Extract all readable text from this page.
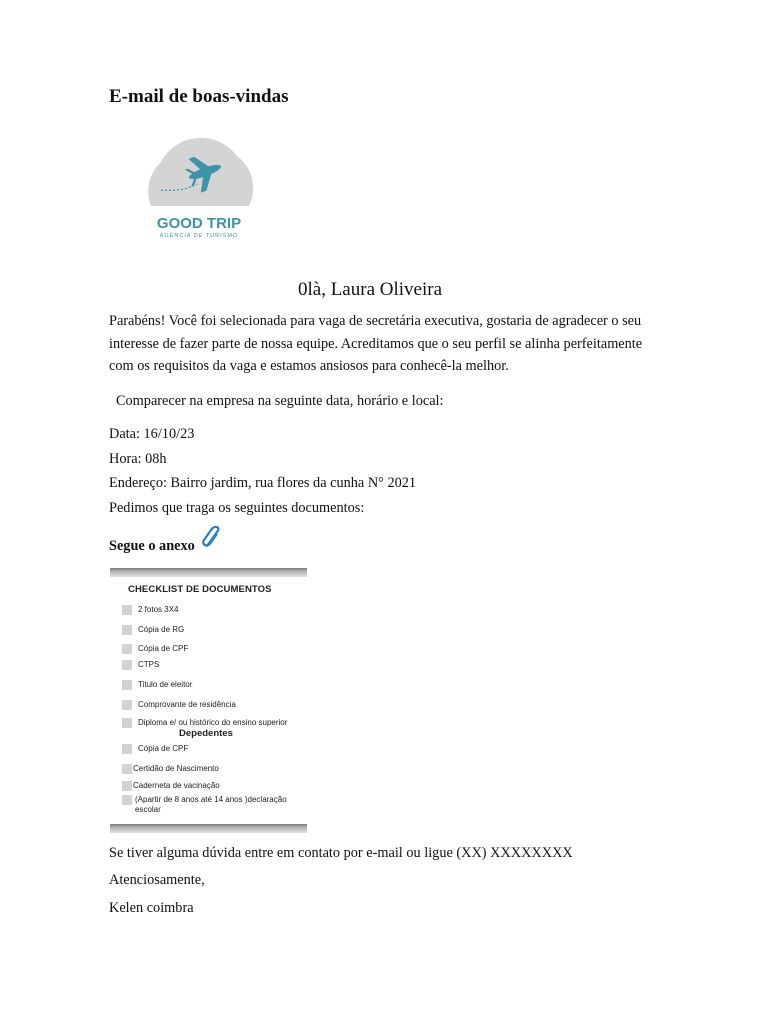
E-mail de boas-vindas
GOOD TRIP
AGÊNCIA DE TURISMO
0là, Laura Oliveira
Parabéns! Você foi selecionada para vaga de secretária executiva, gostaria de agradecer o seu interesse de fazer parte de nossa equipe. Acreditamos que o seu perfil se alinha perfeitamente com os requisitos da vaga e estamos ansiosos para conhecê-la melhor.
Comparecer na empresa na seguinte data, horário e local:
Data: 16/10/23
Hora: 08h
Endereço: Bairro jardim, rua flores da cunha N° 2021
Pedimos que traga os seguintes documentos:
Segue o anexo
CHECKLIST DE DOCUMENTOS
2 fotos 3X4
Cópia de RG
Cópia de CPF
CTPS
Titulo de eleitor
Comprovante de residência
Diploma e/ ou histórico do ensino superior
Depedentes
Cópia de CPF
Certidão de Nascimento
Caderneta de vacinação
(Apartir de 8 anos até 14 anos )declaração escolar
Se tiver alguma dúvida entre em contato por e-mail ou ligue (XX) XXXXXXXX
Atenciosamente,
Kelen coimbra
